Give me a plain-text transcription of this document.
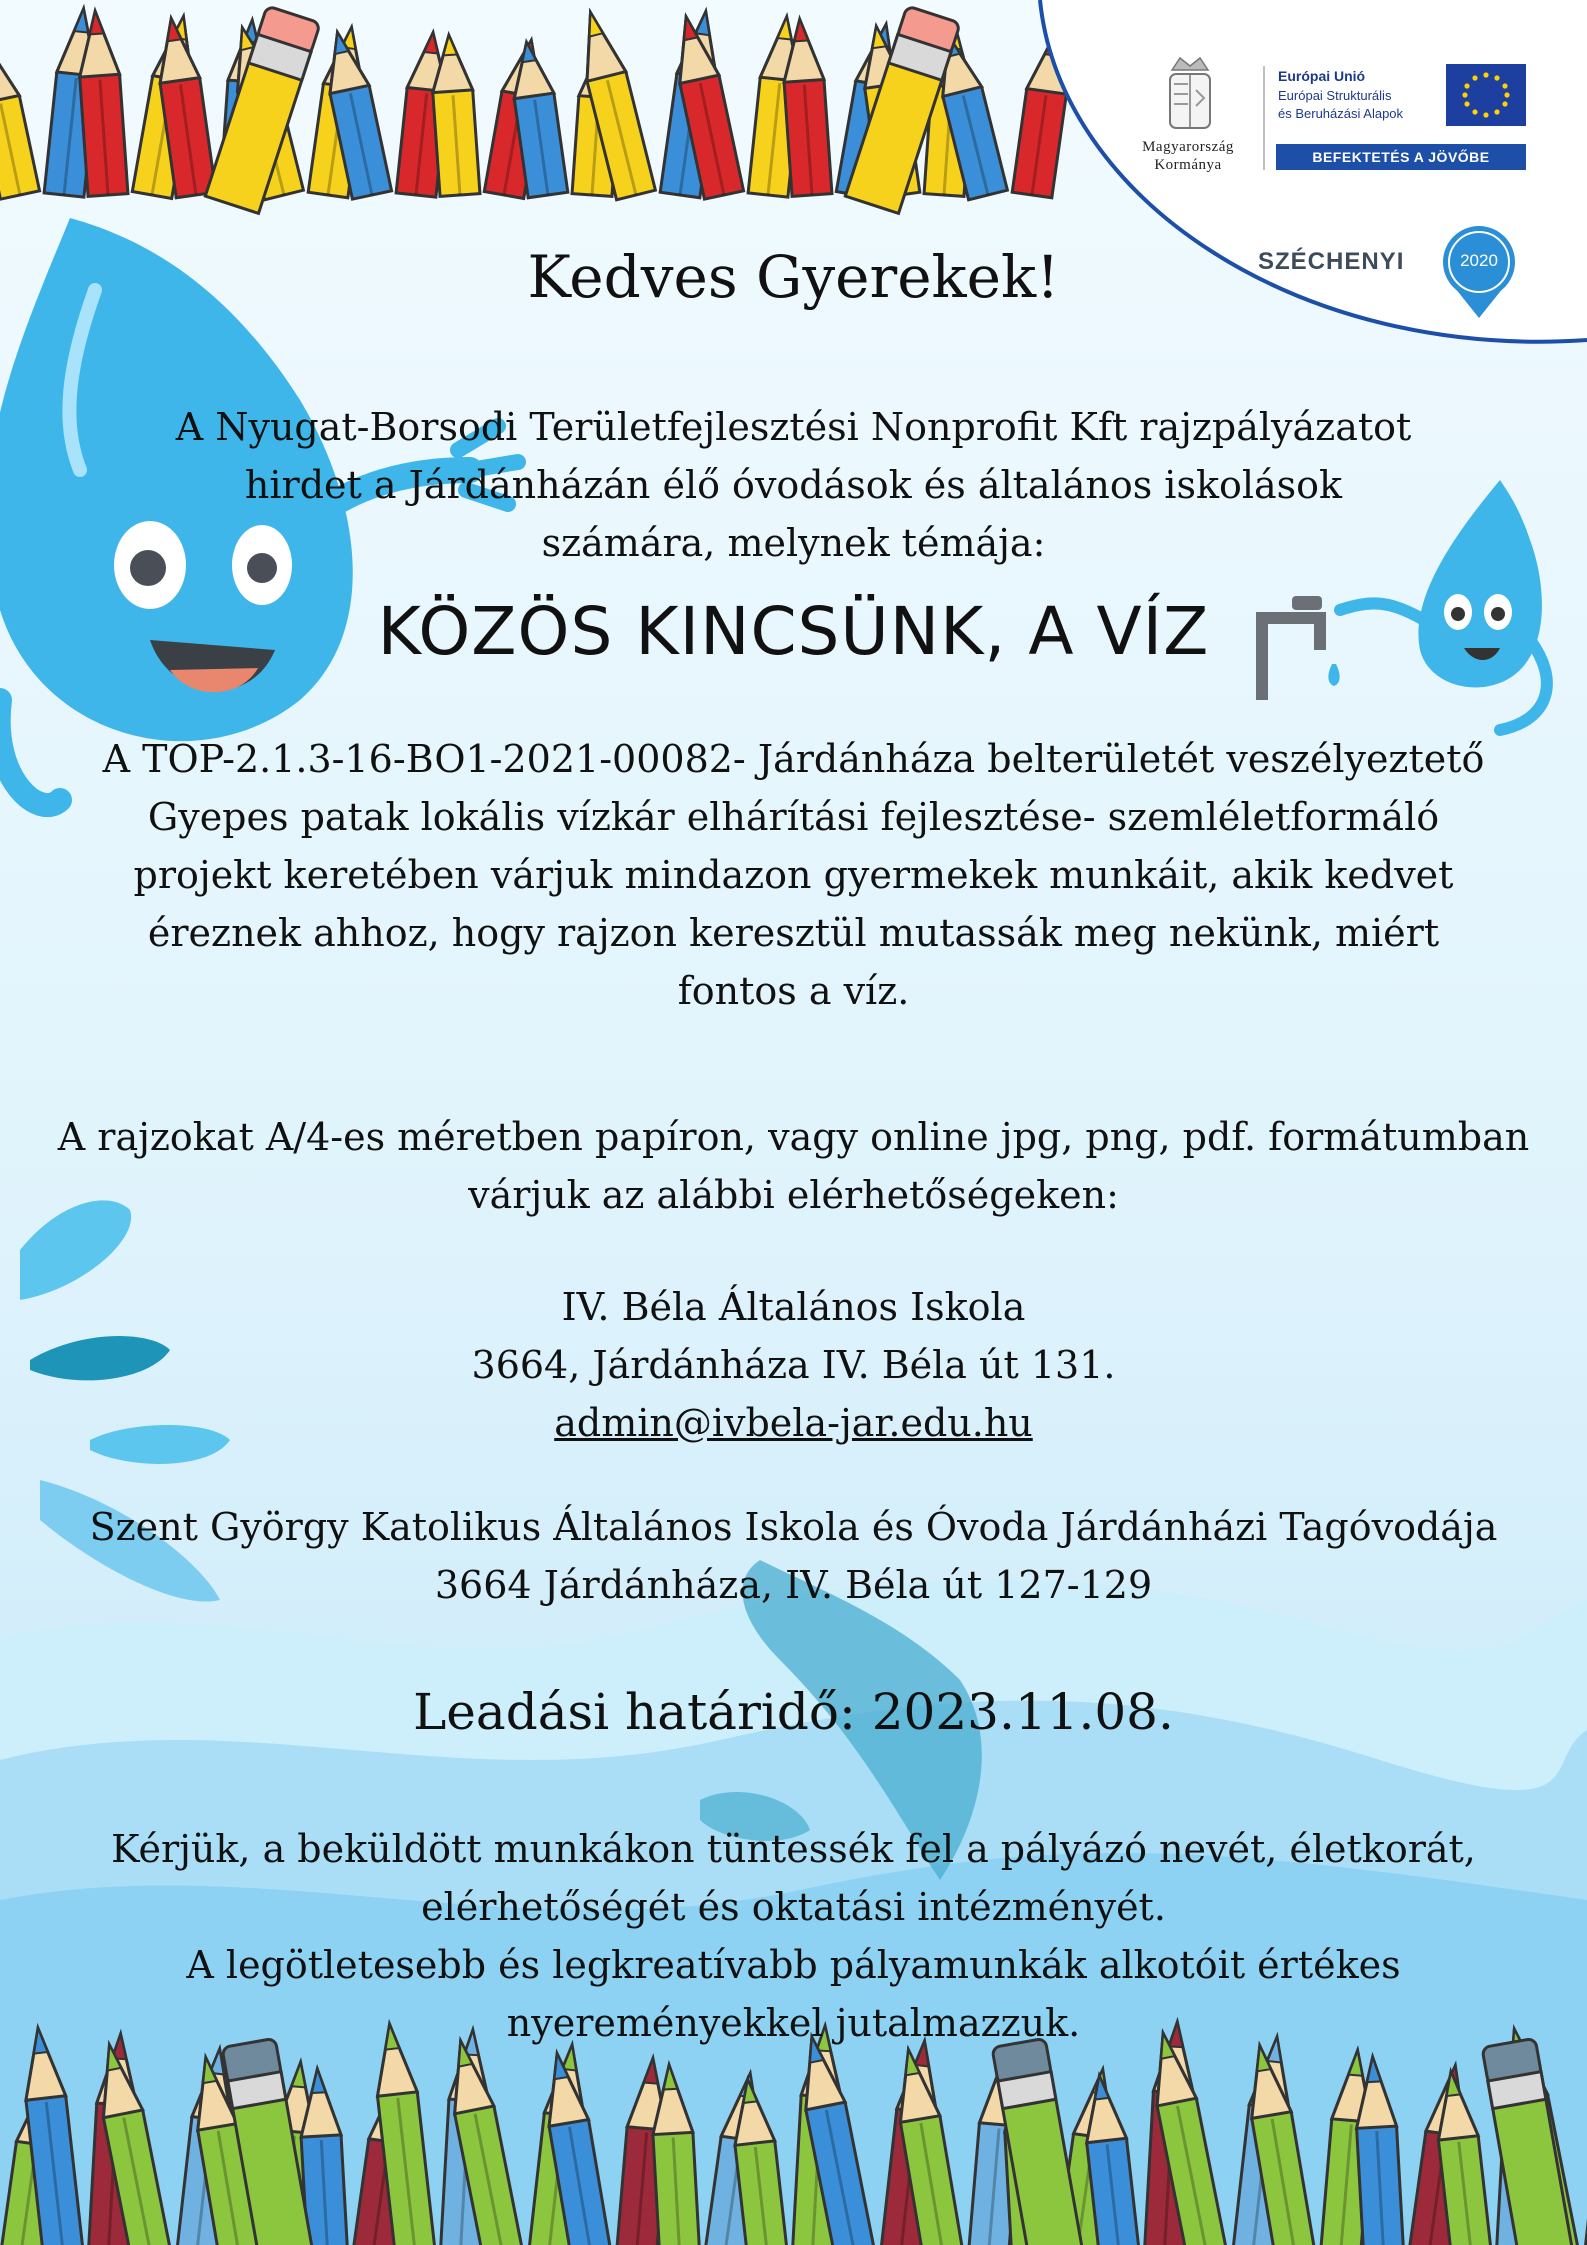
Magyarország
Kormánya
Európai Unió
Európai Strukturális
és Beruházási Alapok
BEFEKTETÉS A JÖVŐBE
SZÉCHENYI	2020
Kedves Gyerekek!
A Nyugat-Borsodi Területfejlesztési Nonprofit Kft rajzpályázatot
hirdet a Járdánházán élő óvodások és általános iskolások
számára, melynek témája:
KÖZÖS KINCSÜNK, A VÍZ
A TOP-2.1.3-16-BO1-2021-00082- Járdánháza belterületét veszélyeztető
Gyepes patak lokális vízkár elhárítási fejlesztése- szemléletformáló
projekt keretében várjuk mindazon gyermekek munkáit, akik kedvet
éreznek ahhoz, hogy rajzon keresztül mutassák meg nekünk, miért
fontos a víz.
A rajzokat A/4-es méretben papíron, vagy online jpg, png, pdf. formátumban
várjuk az alábbi elérhetőségeken:
IV. Béla Általános Iskola
3664, Járdánháza IV. Béla út 131.
admin@ivbela-jar.edu.hu
Szent György Katolikus Általános Iskola és Óvoda Járdánházi Tagóvodája
3664 Járdánháza, IV. Béla út 127-129
Leadási határidő: 2023.11.08.
Kérjük, a beküldött munkákon tüntessék fel a pályázó nevét, életkorát,
elérhetőségét és oktatási intézményét.
A legötletesebb és legkreatívabb pályamunkák alkotóit értékes
nyereményekkel jutalmazzuk.
